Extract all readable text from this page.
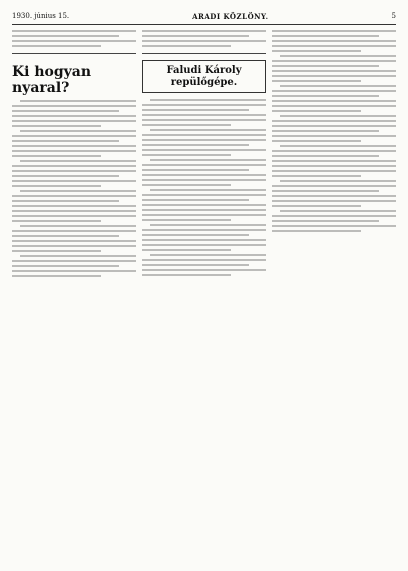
1930. június 15.	ARADI KÖZLÖNY.	5
Ki hogyan nyaral?
Faludi Károly repülőgépe.
